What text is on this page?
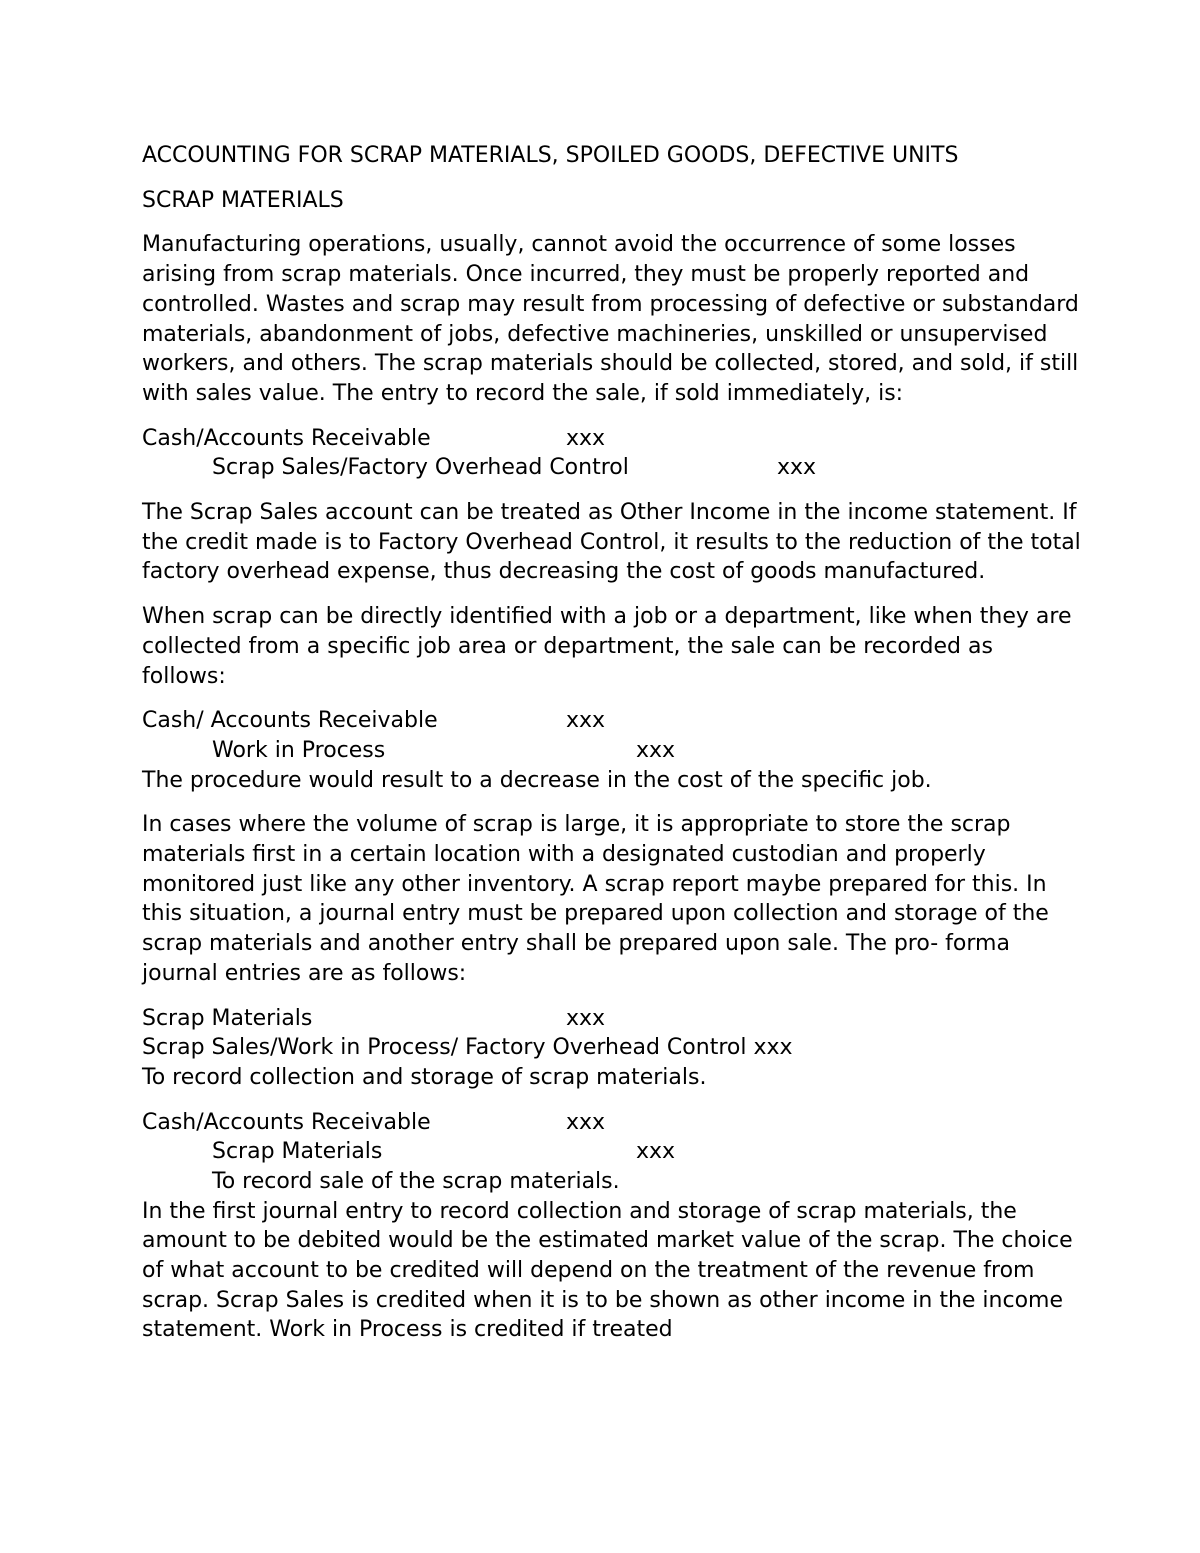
ACCOUNTING FOR SCRAP MATERIALS, SPOILED GOODS, DEFECTIVE UNITS

SCRAP MATERIALS

Manufacturing operations, usually, cannot avoid the occurrence of some losses arising from scrap materials. Once incurred, they must be properly reported and controlled. Wastes and scrap may result from processing of defective or substandard materials, abandonment of jobs, defective machineries, unskilled or unsupervised workers, and others. The scrap materials should be collected, stored, and sold, if still with sales value. The entry to record the sale, if sold immediately, is:

Cash/Accounts Receivable	xxx
Scrap Sales/Factory Overhead Control	xxx

The Scrap Sales account can be treated as Other Income in the income statement. If the credit made is to Factory Overhead Control, it results to the reduction of the total factory overhead expense, thus decreasing the cost of goods manufactured.

When scrap can be directly identified with a job or a department, like when they are collected from a specific job area or department, the sale can be recorded as follows:

Cash/ Accounts Receivable	xxx
Work in Process	xxx

The procedure would result to a decrease in the cost of the specific job.

In cases where the volume of scrap is large, it is appropriate to store the scrap materials first in a certain location with a designated custodian and properly monitored just like any other inventory. A scrap report maybe prepared for this. In this situation, a journal entry must be prepared upon collection and storage of the scrap materials and another entry shall be prepared upon sale. The pro- forma journal entries are as follows:

Scrap Materials	xxx
Scrap Sales/Work in Process/ Factory Overhead Control xxx
To record collection and storage of scrap materials.
Cash/Accounts Receivable	xxx
Scrap Materials	xxx
To record sale of the scrap materials.

In the first journal entry to record collection and storage of scrap materials, the amount to be debited would be the estimated market value of the scrap. The choice of what account to be credited will depend on the treatment of the revenue from scrap. Scrap Sales is credited when it is to be shown as other income in the income statement. Work in Process is credited if treated
